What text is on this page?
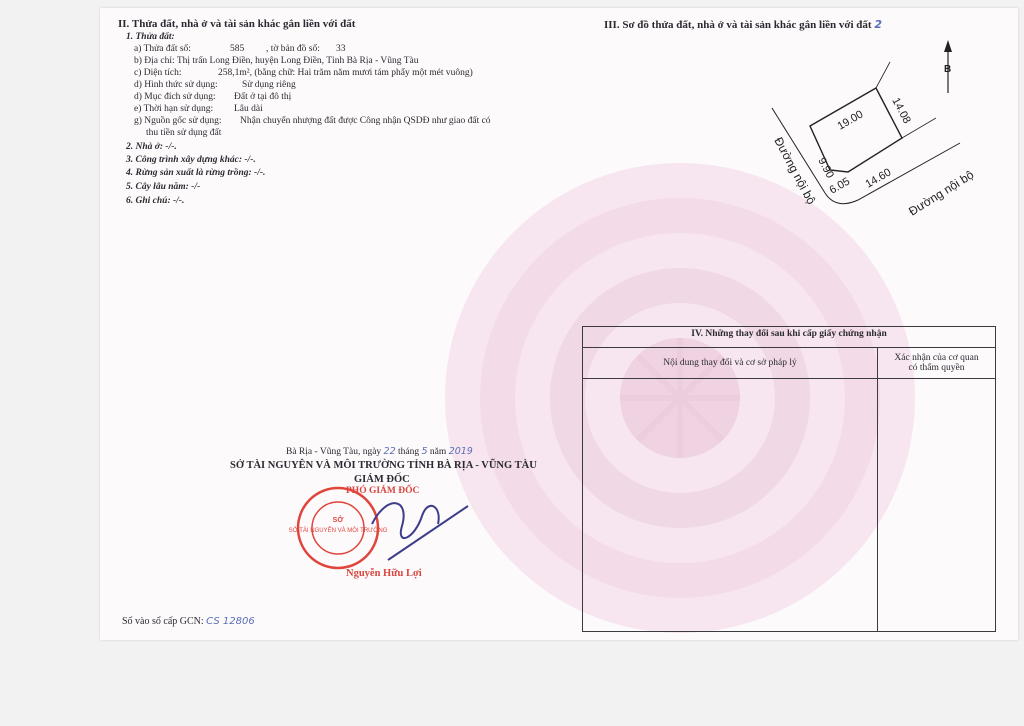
II. Thửa đất, nhà ở và tài sản khác gắn liền với đất
1. Thửa đất:
a) Thửa đất số:	585 , tờ bản đồ số: 33
b) Địa chỉ: Thị trấn Long Điền, huyện Long Điền, Tỉnh Bà Rịa - Vũng Tàu
c) Diện tích:	258,1m², (bằng chữ: Hai trăm năm mươi tám phẩy một mét vuông)
d) Hình thức sử dụng:	Sử dụng riêng
d) Mục đích sử dụng: Đất ở tại đô thị
e) Thời hạn sử dụng: Lâu dài
g) Nguồn gốc sử dụng: Nhận chuyển nhượng đất được Công nhận QSDĐ như giao đất có
thu tiền sử dụng đất
2. Nhà ở: -/-.
3. Công trình xây dựng khác: -/-.
4. Rừng sản xuất là rừng trồng: -/-.
5. Cây lâu năm: -/-
6. Ghi chú: -/-.
III. Sơ đồ thửa đất, nhà ở và tài sản khác gắn liền với đất 2
B
19.00 14.08
14.60
9.90
6.05
Đường nội bộ	Đường nội bộ
IV. Những thay đổi sau khi cấp giấy chứng nhận	
Nội dung thay đổi và cơ sở pháp lý	Xác nhận của cơ quan
có thẩm quyền

Bà Rịa - Vũng Tàu, ngày 22 tháng 5 năm 2019
SỞ TÀI NGUYÊN VÀ MÔI TRƯỜNG TỈNH BÀ RỊA - VŨNG TÀU
GIÁM ĐỐC
PHÓ GIÁM ĐỐC
SỞ
SỞ TÀI NGUYÊN VÀ MÔI TRƯỜNG
Nguyễn Hữu Lợi
Số vào sổ cấp GCN: CS 12806
